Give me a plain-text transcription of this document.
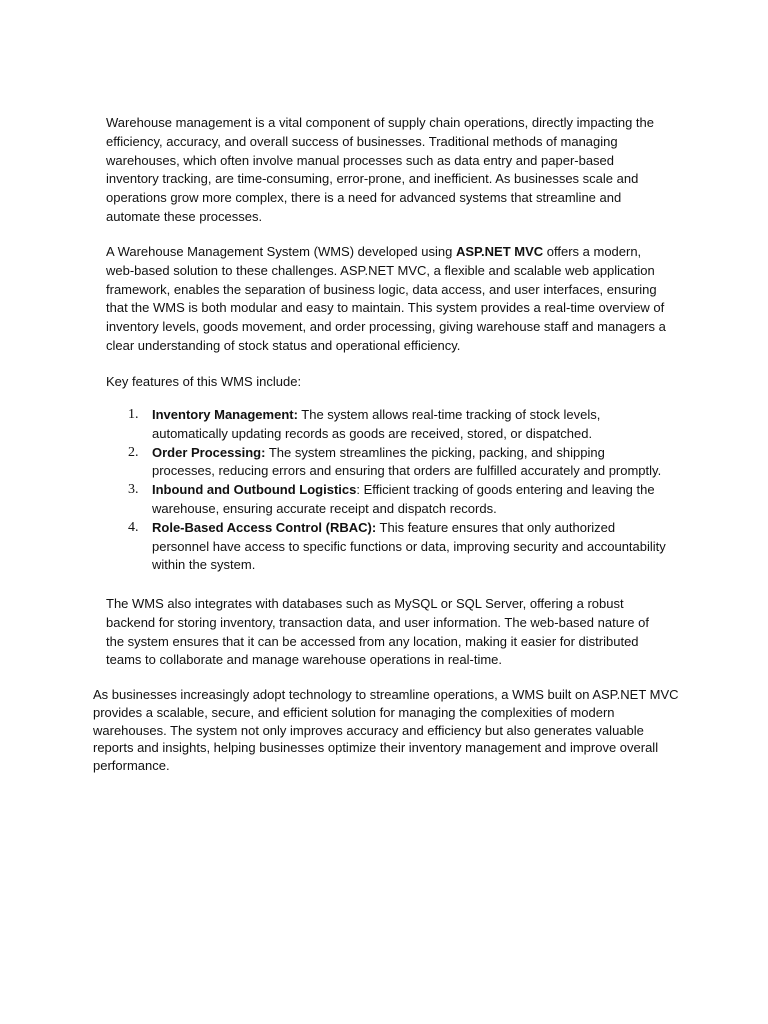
Warehouse management is a vital component of supply chain operations, directly impacting the efficiency, accuracy, and overall success of businesses. Traditional methods of managing warehouses, which often involve manual processes such as data entry and paper-based inventory tracking, are time-consuming, error-prone, and inefficient. As businesses scale and operations grow more complex, there is a need for advanced systems that streamline and automate these processes.

A Warehouse Management System (WMS) developed using ASP.NET MVC offers a modern, web-based solution to these challenges. ASP.NET MVC, a flexible and scalable web application framework, enables the separation of business logic, data access, and user interfaces, ensuring that the WMS is both modular and easy to maintain. This system provides a real-time overview of inventory levels, goods movement, and order processing, giving warehouse staff and managers a clear understanding of stock status and operational efficiency.

Key features of this WMS include:

1. Inventory Management: The system allows real-time tracking of stock levels, automatically updating records as goods are received, stored, or dispatched.
2. Order Processing: The system streamlines the picking, packing, and shipping processes, reducing errors and ensuring that orders are fulfilled accurately and promptly.
3. Inbound and Outbound Logistics: Efficient tracking of goods entering and leaving the warehouse, ensuring accurate receipt and dispatch records.
4. Role-Based Access Control (RBAC): This feature ensures that only authorized personnel have access to specific functions or data, improving security and accountability within the system.

The WMS also integrates with databases such as MySQL or SQL Server, offering a robust backend for storing inventory, transaction data, and user information. The web-based nature of the system ensures that it can be accessed from any location, making it easier for distributed teams to collaborate and manage warehouse operations in real-time.

As businesses increasingly adopt technology to streamline operations, a WMS built on ASP.NET MVC provides a scalable, secure, and efficient solution for managing the complexities of modern warehouses. The system not only improves accuracy and efficiency but also generates valuable reports and insights, helping businesses optimize their inventory management and improve overall performance.
